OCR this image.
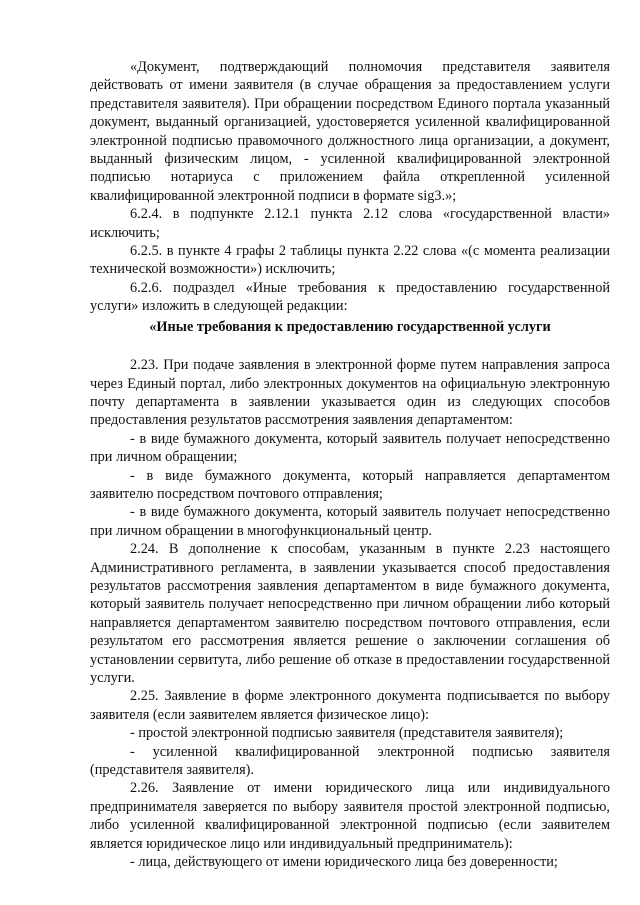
«Документ, подтверждающий полномочия представителя заявителя действовать от имени заявителя (в случае обращения за предоставлением услуги представителя заявителя). При обращении посредством Единого портала указанный документ, выданный организацией, удостоверяется усиленной квалифицированной электронной подписью правомочного должностного лица организации, а документ, выданный физическим лицом, - усиленной квалифицированной электронной подписью нотариуса с приложением файла открепленной усиленной квалифицированной электронной подписи в формате sig3.»;

6.2.4. в подпункте 2.12.1 пункта 2.12 слова «государственной власти» исключить;

6.2.5. в пункте 4 графы 2 таблицы пункта 2.22 слова «(с момента реализации технической возможности») исключить;

6.2.6. подраздел «Иные требования к предоставлению государственной услуги» изложить в следующей редакции:

«Иные требования к предоставлению государственной услуги

2.23. При подаче заявления в электронной форме путем направления запроса через Единый портал, либо электронных документов на официальную электронную почту департамента в заявлении указывается один из следующих способов предоставления результатов рассмотрения заявления департаментом:

- в виде бумажного документа, который заявитель получает непосредственно при личном обращении;

- в виде бумажного документа, который направляется департаментом заявителю посредством почтового отправления;

- в виде бумажного документа, который заявитель получает непосредственно при личном обращении в многофункциональный центр.

2.24. В дополнение к способам, указанным в пункте 2.23 настоящего Административного регламента, в заявлении указывается способ предоставления результатов рассмотрения заявления департаментом в виде бумажного документа, который заявитель получает непосредственно при личном обращении либо который направляется департаментом заявителю посредством почтового отправления, если результатом его рассмотрения является решение о заключении соглашения об установлении сервитута, либо решение об отказе в предоставлении государственной услуги.

2.25. Заявление в форме электронного документа подписывается по выбору заявителя (если заявителем является физическое лицо):

- простой электронной подписью заявителя (представителя заявителя);

- усиленной квалифицированной электронной подписью заявителя (представителя заявителя).

2.26. Заявление от имени юридического лица или индивидуального предпринимателя заверяется по выбору заявителя простой электронной подписью, либо усиленной квалифицированной электронной подписью (если заявителем является юридическое лицо или индивидуальный предприниматель):

- лица, действующего от имени юридического лица без доверенности;
